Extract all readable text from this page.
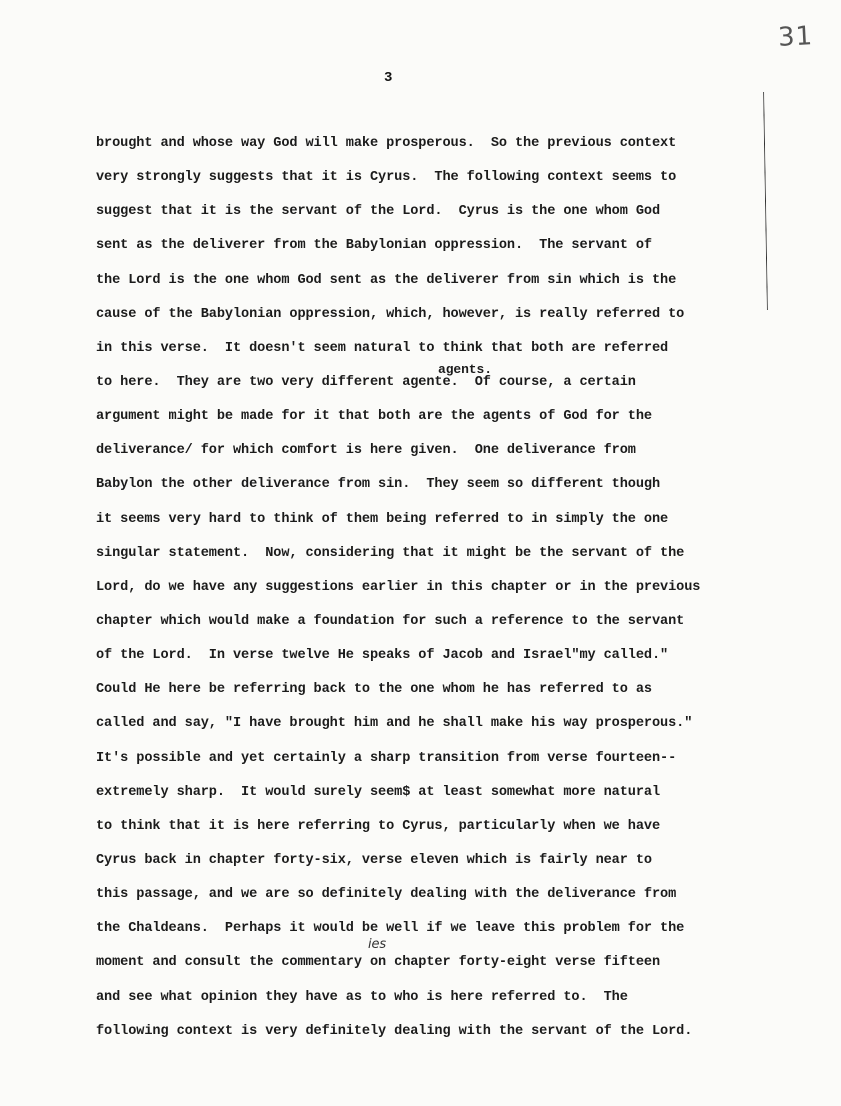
31
3
brought and whose way God will make prosperous.  So the previous context
very strongly suggests that it is Cyrus.  The following context seems to
suggest that it is the servant of the Lord.  Cyrus is the one whom God
sent as the deliverer from the Babylonian oppression.  The servant of
the Lord is the one whom God sent as the deliverer from sin which is the
cause of the Babylonian oppression, which, however, is really referred to
in this verse.  It doesn't seem natural to think that both are referred
agents.
to here.  They are two very different agente.  Of course, a certain
argument might be made for it that both are the agents of God for the
deliverance/ for which comfort is here given.  One deliverance from
Babylon the other deliverance from sin.  They seem so different though
it seems very hard to think of them being referred to in simply the one
singular statement.  Now, considering that it might be the servant of the
Lord, do we have any suggestions earlier in this chapter or in the previous
chapter which would make a foundation for such a reference to the servant
of the Lord.  In verse twelve He speaks of Jacob and Israel"my called."
Could He here be referring back to the one whom he has referred to as
called and say, "I have brought him and he shall make his way prosperous."
It's possible and yet certainly a sharp transition from verse fourteen--
extremely sharp.  It would surely seem$ at least somewhat more natural
to think that it is here referring to Cyrus, particularly when we have
Cyrus back in chapter forty-six, verse eleven which is fairly near to
this passage, and we are so definitely dealing with the deliverance from
the Chaldeans.  Perhaps it would be well if we leave this problem for the
ies
moment and consult the commentary on chapter forty-eight verse fifteen
and see what opinion they have as to who is here referred to.  The
following context is very definitely dealing with the servant of the Lord.
